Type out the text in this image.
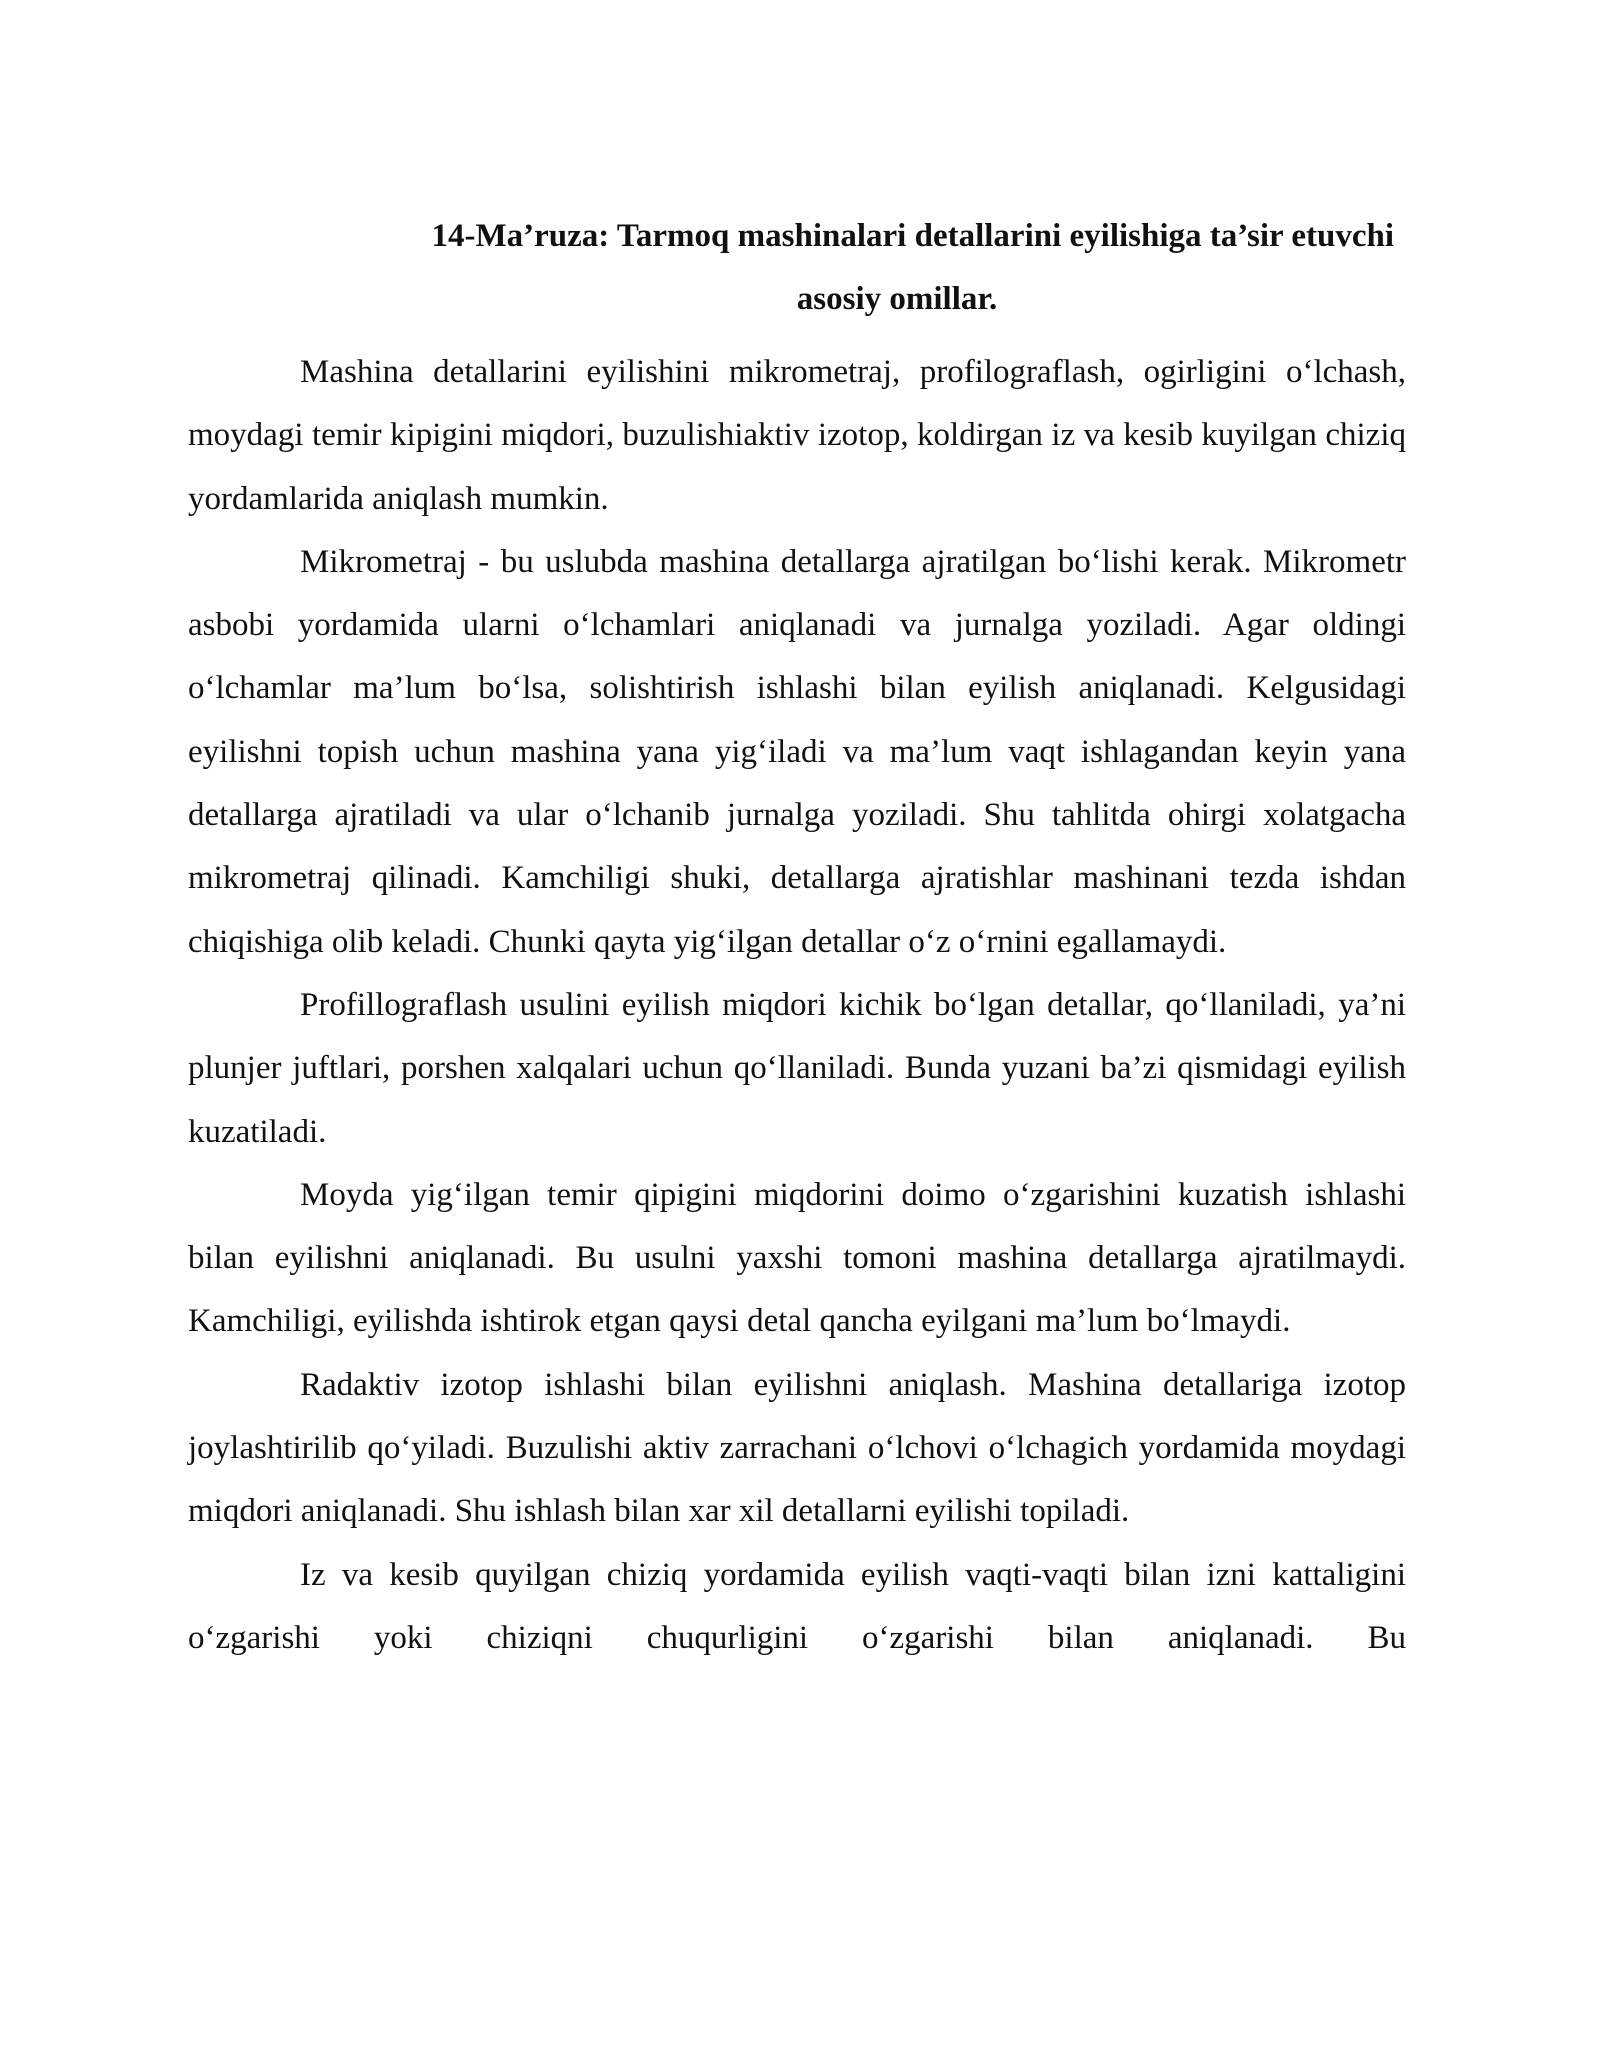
14-Ma’ruza: Tarmoq mashinalari detallarini eyilishiga ta’sir etuvchi
asosiy omillar.

Mashina detallarini eyilishini mikrometraj, profilograflash, ogirligini o‘lchash, moydagi temir kipigini miqdori, buzulishiaktiv izotop, koldirgan iz va kesib kuyilgan chiziq yordamlarida aniqlash mumkin.

Mikrometraj - bu uslubda mashina detallarga ajratilgan bo‘lishi kerak. Mikrometr asbobi yordamida ularni o‘lchamlari aniqlanadi va jurnalga yoziladi. Agar oldingi o‘lchamlar ma’lum bo‘lsa, solishtirish ishlashi bilan eyilish aniqlanadi. Kelgusidagi eyilishni topish uchun mashina yana yig‘iladi va ma’lum vaqt ishlagandan keyin yana detallarga ajratiladi va ular o‘lchanib jurnalga yoziladi. Shu tahlitda ohirgi xolatgacha mikrometraj qilinadi. Kamchiligi shuki, detallarga ajratishlar mashinani tezda ishdan chiqishiga olib keladi. Chunki qayta yig‘ilgan detallar o‘z o‘rnini egallamaydi.

Profillograflash usulini eyilish miqdori kichik bo‘lgan detallar, qo‘llaniladi, ya’ni plunjer juftlari, porshen xalqalari uchun qo‘llaniladi. Bunda yuzani ba’zi qismidagi eyilish kuzatiladi.

Moyda yig‘ilgan temir qipigini miqdorini doimo o‘zgarishini kuzatish ishlashi bilan eyilishni aniqlanadi. Bu usulni yaxshi tomoni mashina detallarga ajratilmaydi. Kamchiligi, eyilishda ishtirok etgan qaysi detal qancha eyilgani ma’lum bo‘lmaydi.

Radaktiv izotop ishlashi bilan eyilishni aniqlash. Mashina detallariga izotop joylashtirilib qo‘yiladi. Buzulishi aktiv zarrachani o‘lchovi o‘lchagich yordamida moydagi miqdori aniqlanadi. Shu ishlash bilan xar xil detallarni eyilishi topiladi.

Iz va kesib quyilgan chiziq yordamida eyilish vaqti-vaqti bilan izni kattaligini o‘zgarishi yoki chiziqni chuqurligini o‘zgarishi bilan aniqlanadi. Bu
